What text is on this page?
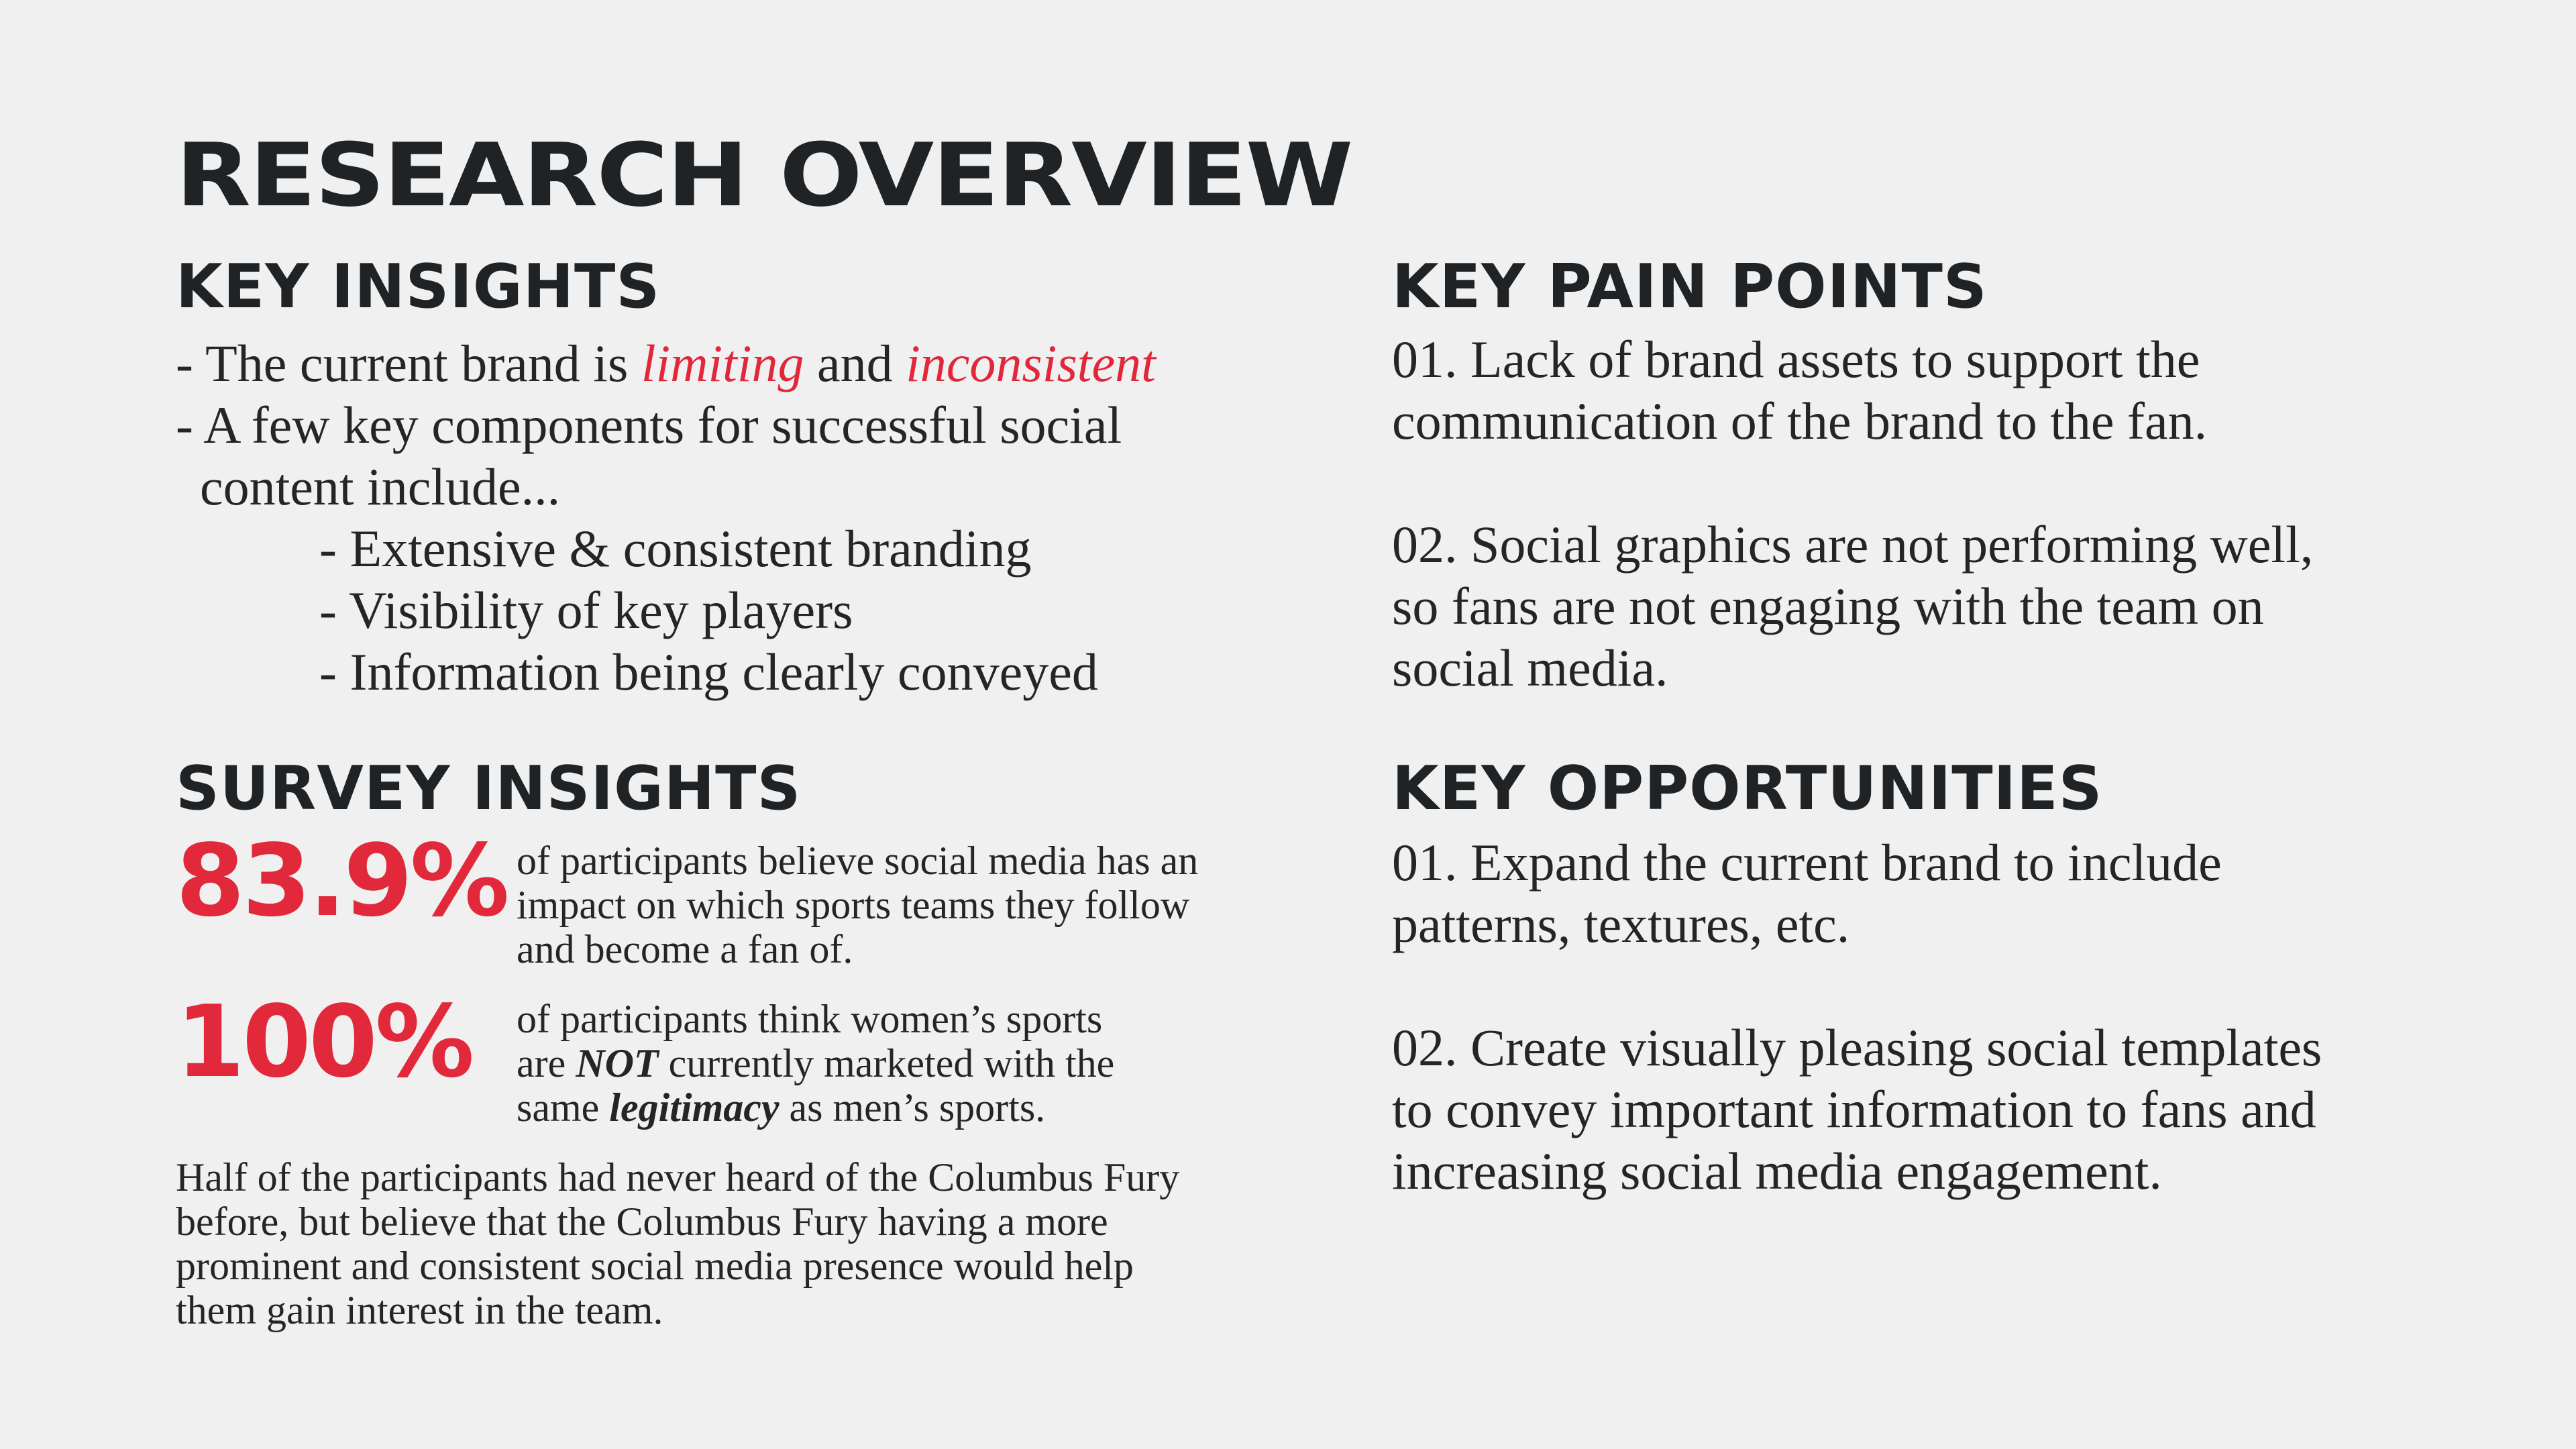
RESEARCH OVERVIEW
KEY INSIGHTS
- The current brand is limiting and inconsistent
- A few key components for successful social
content include...
- Extensive & consistent branding
- Visibility of key players
- Information being clearly conveyed
SURVEY INSIGHTS
83.9% of participants believe social media has an
impact on which sports teams they follow
and become a fan of.
100% of participants think women’s sports
are NOT currently marketed with the
same legitimacy as men’s sports.
Half of the participants had never heard of the Columbus Fury
before, but believe that the Columbus Fury having a more
prominent and consistent social media presence would help
them gain interest in the team.
KEY PAIN POINTS
01. Lack of brand assets to support the
communication of the brand to the fan.
02. Social graphics are not performing well,
so fans are not engaging with the team on
social media.
KEY OPPORTUNITIES
01. Expand the current brand to include
patterns, textures, etc.
02. Create visually pleasing social templates
to convey important information to fans and
increasing social media engagement.
